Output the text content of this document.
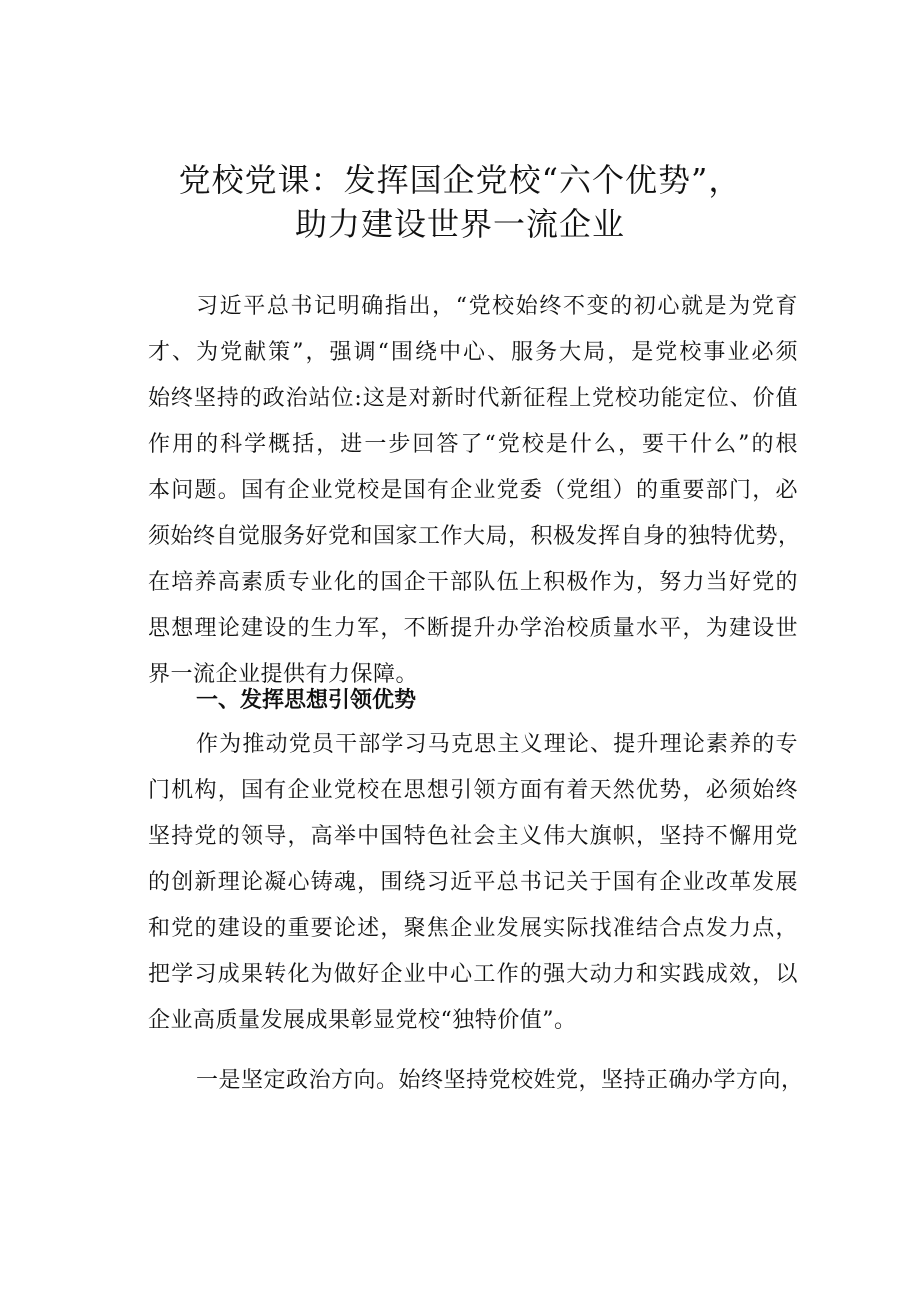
党校党课：发挥国企党校“六个优势”，
助力建设世界一流企业
习近平总书记明确指出，“党校始终不变的初心就是为党育
才、为党献策”，强调“围绕中心、服务大局，是党校事业必须
始终坚持的政治站位:这是对新时代新征程上党校功能定位、价值
作用的科学概括，进一步回答了“党校是什么，要干什么”的根
本问题。国有企业党校是国有企业党委（党组）的重要部门，必
须始终自觉服务好党和国家工作大局，积极发挥自身的独特优势，
在培养高素质专业化的国企干部队伍上积极作为，努力当好党的
思想理论建设的生力军，不断提升办学治校质量水平，为建设世
界一流企业提供有力保障。
一、发挥思想引领优势
作为推动党员干部学习马克思主义理论、提升理论素养的专
门机构，国有企业党校在思想引领方面有着天然优势，必须始终
坚持党的领导，高举中国特色社会主义伟大旗帜，坚持不懈用党
的创新理论凝心铸魂，围绕习近平总书记关于国有企业改革发展
和党的建设的重要论述，聚焦企业发展实际找准结合点发力点，
把学习成果转化为做好企业中心工作的强大动力和实践成效，以
企业高质量发展成果彰显党校“独特价值”。
一是坚定政治方向。始终坚持党校姓党，坚持正确办学方向，
